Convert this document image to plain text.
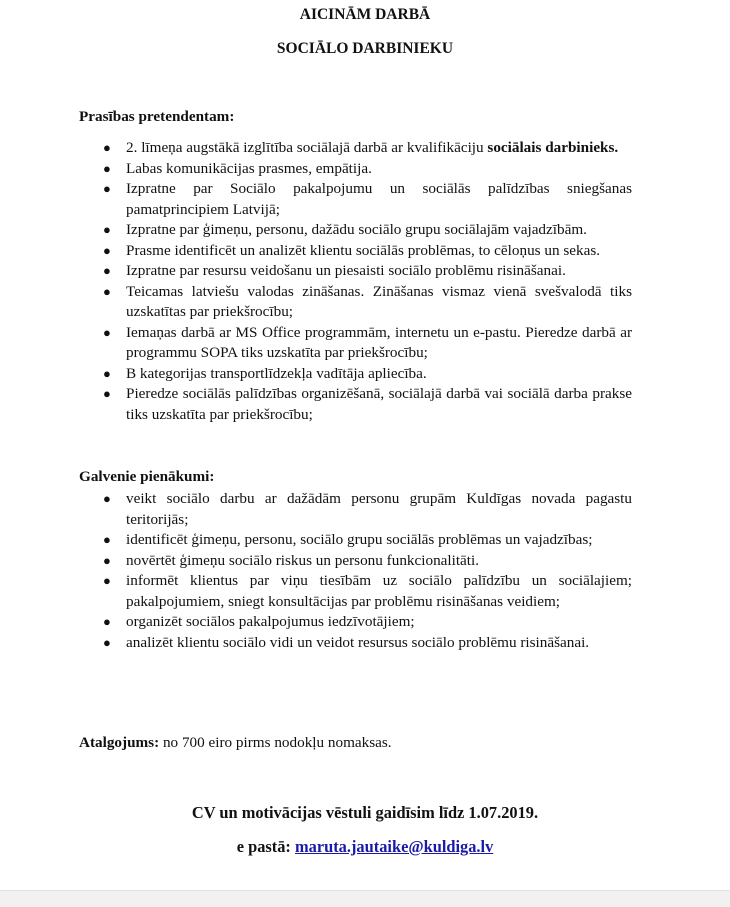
AICINĀM DARBĀ
SOCIĀLO DARBINIEKU

Prasības pretendentam:

● 2. līmeņa augstākā izglītība sociālajā darbā ar kvalifikāciju sociālais darbinieks.
● Labas komunikācijas prasmes, empātija.
● Izpratne par Sociālo pakalpojumu un sociālās palīdzības sniegšanas pamatprincipiem Latvijā;
● Izpratne par ģimeņu, personu, dažādu sociālo grupu sociālajām vajadzībām.
● Prasme identificēt un analizēt klientu sociālās problēmas, to cēloņus un sekas.
● Izpratne par resursu veidošanu un piesaisti sociālo problēmu risināšanai.
● Teicamas latviešu valodas zināšanas. Zināšanas vismaz vienā svešvalodā tiks uzskatītas par priekšrocību;
● Iemaņas darbā ar MS Office programmām, internetu un e-pastu. Pieredze darbā ar programmu SOPA tiks uzskatīta par priekšrocību;
● B kategorijas transportlīdzekļa vadītāja apliecība.
● Pieredze sociālās palīdzības organizēšanā, sociālajā darbā vai sociālā darba prakse tiks uzskatīta par priekšrocību;

Galvenie pienākumi:

● veikt sociālo darbu ar dažādām personu grupām Kuldīgas novada pagastu teritorijās;
● identificēt ģimeņu, personu, sociālo grupu sociālās problēmas un vajadzības;
● novērtēt ģimeņu sociālo riskus un personu funkcionalitāti.
● informēt klientus par viņu tiesībām uz sociālo palīdzību un sociālajiem; pakalpojumiem, sniegt konsultācijas par problēmu risināšanas veidiem;
● organizēt sociālos pakalpojumus iedzīvotājiem;
● analizēt klientu sociālo vidi un veidot resursus sociālo problēmu risināšanai.

Atalgojums: no 700 eiro pirms nodokļu nomaksas.

CV un motivācijas vēstuli gaidīsim līdz 1.07.2019.

e pastā: maruta.jautaike@kuldiga.lv
